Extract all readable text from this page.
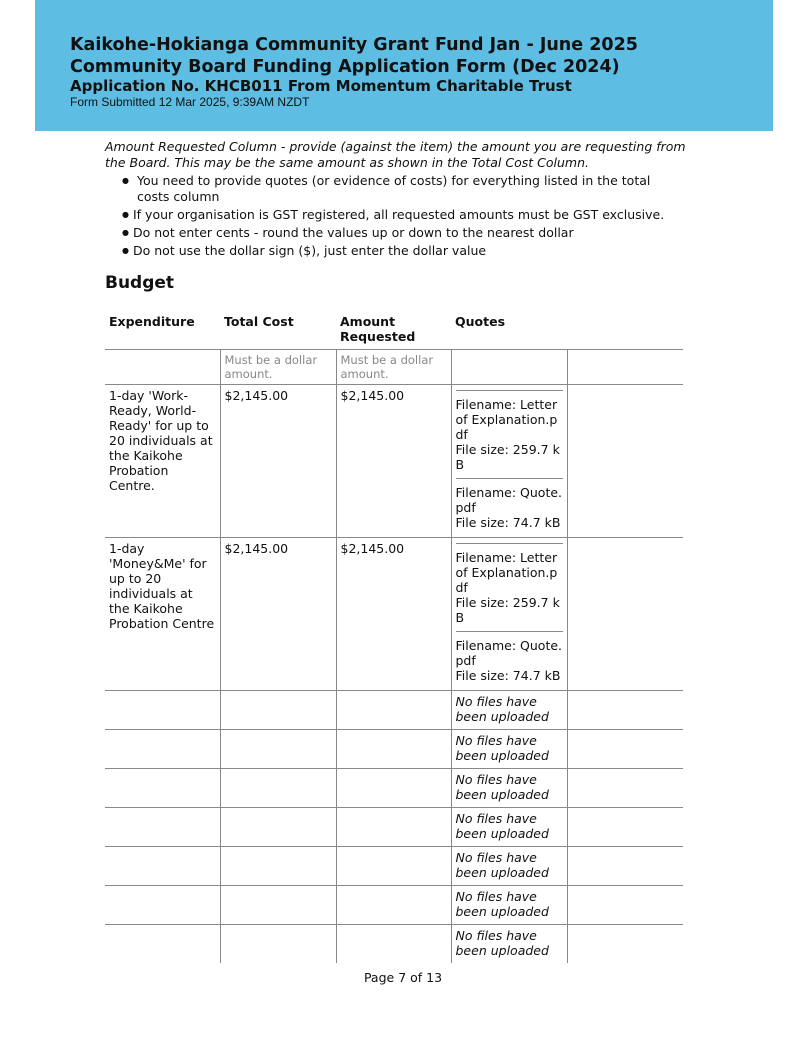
Kaikohe-Hokianga Community Grant Fund Jan - June 2025
Community Board Funding Application Form (Dec 2024)
Application No. KHCB011 From Momentum Charitable Trust
Form Submitted 12 Mar 2025, 9:39AM NZDT
Amount Requested Column - provide (against the item) the amount you are requesting from the Board. This may be the same amount as shown in the Total Cost Column.
● You need to provide quotes (or evidence of costs) for everything listed in the total costs column
● If your organisation is GST registered, all requested amounts must be GST exclusive.
● Do not enter cents - round the values up or down to the nearest dollar
● Do not use the dollar sign ($), just enter the dollar value
Budget
Expenditure	Total Cost	Amount Requested	Quotes	

	Must be a dollar amount.	Must be a dollar amount.		

1-day 'Work-Ready, World-Ready' for up to 20 individuals at the Kaikohe Probation Centre.	$2,145.00	$2,145.00	Filename: Letter of Explanation.pdf
File size: 259.7 kB
Filename: Quote.pdf
File size: 74.7 kB	

1-day 'Money&Me' for up to 20 individuals at the Kaikohe Probation Centre	$2,145.00	$2,145.00	Filename: Letter of Explanation.pdf
File size: 259.7 kB
Filename: Quote.pdf
File size: 74.7 kB	

			No files have been uploaded	
			No files have been uploaded	
			No files have been uploaded	
			No files have been uploaded	
			No files have been uploaded	
			No files have been uploaded	
			No files have been uploaded	
Page 7 of 13
